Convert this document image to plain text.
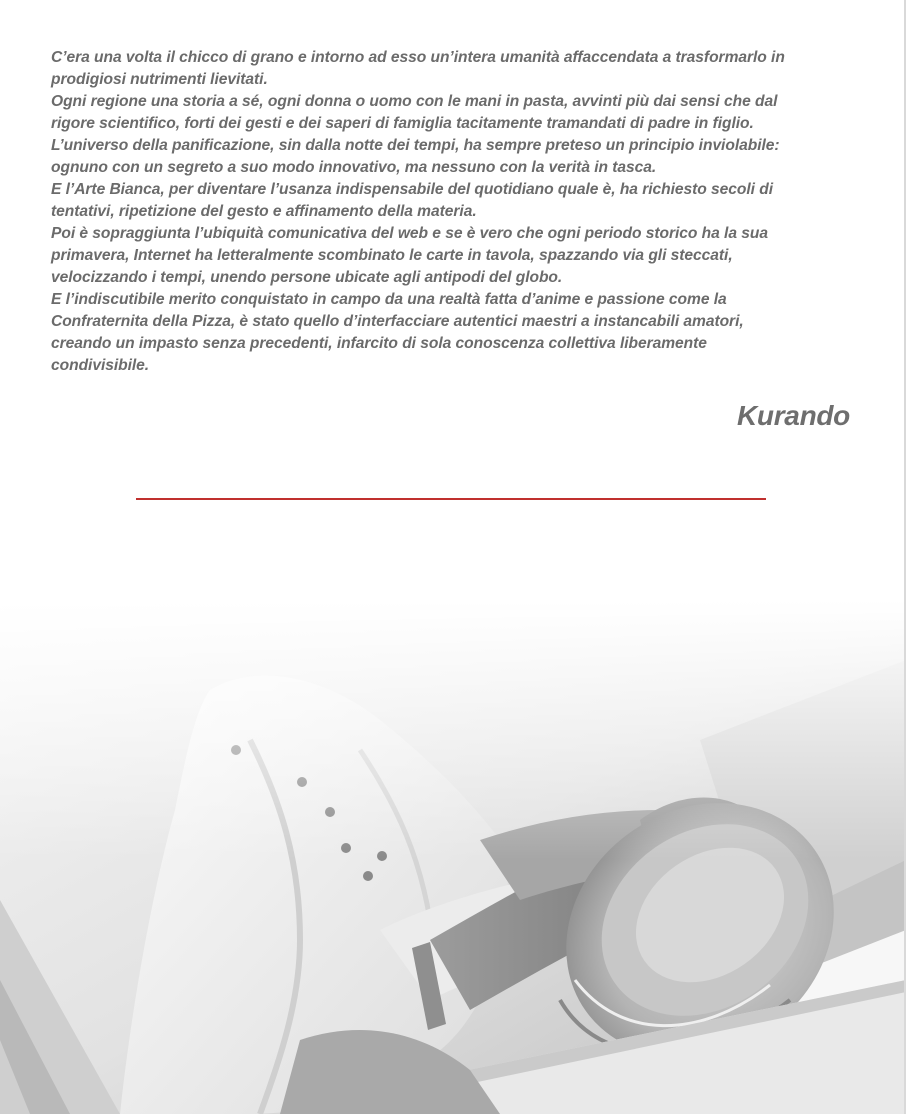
C’era una volta il chicco di grano e intorno ad esso un’intera umanità affaccendata a trasformarlo in
prodigiosi nutrimenti lievitati.
Ogni regione una storia a sé, ogni donna o uomo con le mani in pasta, avvinti più dai sensi che dal
rigore scientifico, forti dei gesti e dei saperi di famiglia tacitamente tramandati di padre in figlio.
L’universo della panificazione, sin dalla notte dei tempi, ha sempre preteso un principio inviolabile:
ognuno con un segreto a suo modo innovativo, ma nessuno con la verità in tasca.
E l’Arte Bianca, per diventare l’usanza indispensabile del quotidiano quale è, ha richiesto secoli di
tentativi, ripetizione del gesto e affinamento della materia.
Poi è sopraggiunta l’ubiquità comunicativa del web e se è vero che ogni periodo storico ha la sua
primavera, Internet ha letteralmente scombinato le carte in tavola, spazzando via gli steccati,
velocizzando i tempi, unendo persone ubicate agli antipodi del globo.
E l’indiscutibile merito conquistato in campo da una realtà fatta d’anime e passione come la
Confraternita della Pizza, è stato quello d’interfacciare autentici maestri a instancabili amatori,
creando un impasto senza precedenti, infarcito di sola conoscenza collettiva liberamente
condivisibile.

Kurando
